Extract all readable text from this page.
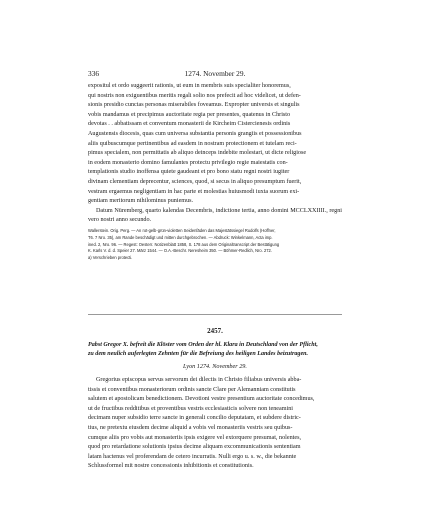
336	1274. November 29.

expositul et ordo suggeerit rationis, ut eum in membris suis specialiter honoremus,

qui nostris non exiguentibus meritis regali solio nos prefecit ad hoc videlicet, ut defen-

sionis presidio cunctas personas miserabiles foveamus. Expropter universis et singulis

vobis mandamus et precipimus auctoritate regia per presentes, quatenus in Christo

devotas . . abbatissam et conventum monasterii de Kircheim Cistercienesis ordinis

Augustensis diocesis, quas cum universa substantia personis grangiis et possessionibus

aliis quibuscumque pertinentibus ad easdem in nostram protectionem et tutelam reci-

pimus specialem, non permittatis ab aliquo deinceps indebite molestari, ut dicte religiose

in eodem monasterio domino famulantes protectu privilegio regie maiestatis con-

templationis studio inoffensa quiete gaudeant et pro bono statu regni nostri iugiter

divinam clementiam deprecentur, sciences, quod, si secus in aliquo presumptum fuerit,

vestram ergaemus negligentiam in hac parte et molestias huiusmodi iuxta suorum exi-

gentiam meritorum nihilominus puniemus.

Datum Nüremberg, quarto kalendas Decembris, indictione tertia, anno domini MCCLXXIIII., regni vero nostri anno secundo.

Wallerstein. Orig. Perg. — An rot-gelb-grün-violetten Seidenfäden das Majestätssiegel Rudolfs (Hoffner,

T6. 7 Nro. 35), am Rande beschädigt und mitten durchgebrochen. — Abdruck: Winkelmann, Acta imp.

ined. 2, Nro. 96. — Regest: Oesterr. Notizenblatt 1858, S. 178 aus dem Originaltranscript der Bestätigung

K. Karls V. d. d. Speier 27. März 1544. — O.A.-Beschr. Neresheim 350. — Böhmer-Redlich, Nro. 272.

a) Verschrieben protecti.

2457.
Pabst Gregor X. befreit die Klöster vom Orden der hl. Klara in Deutschland von der Pflicht,
zu dem neulich auferlegten Zehnten für die Befreiung des heiligen Landes beizutragen.
Lyon 1274. November 29.

Gregorius episcopus servus servorum dei dilectis in Christo filiabus universis abba-

tissis et conventibus monasteriorum ordinis sancte Clare per Alemanniam constitutis

salutem et apostolicam benedictionem. Devotioni vestre presentium auctoritate concedimus,

ut de fructibus redditibus et proventibus vestris ecclesiasticis solvere non teneamini

decimam nuper subsidio terre sancte in generali concilio deputatam, et subdere distric-

tius, ne pretextu eiusdem decime aliquid a vobis vel monasteriis vestris seu quibus-

cumque aliis pro vobis aut monasteriis ipsis exigere vel extorquere presumat, nolentes,

quod pro retardatione solutionis ipsius decime aliquam excommunicationis sententiam

latam hactenus vel proferendam de cetero incurratis. Nulli ergo u. s. w., die bekannte

Schlussformel mit nostre concessionis inhibitionis et constitutionis.
